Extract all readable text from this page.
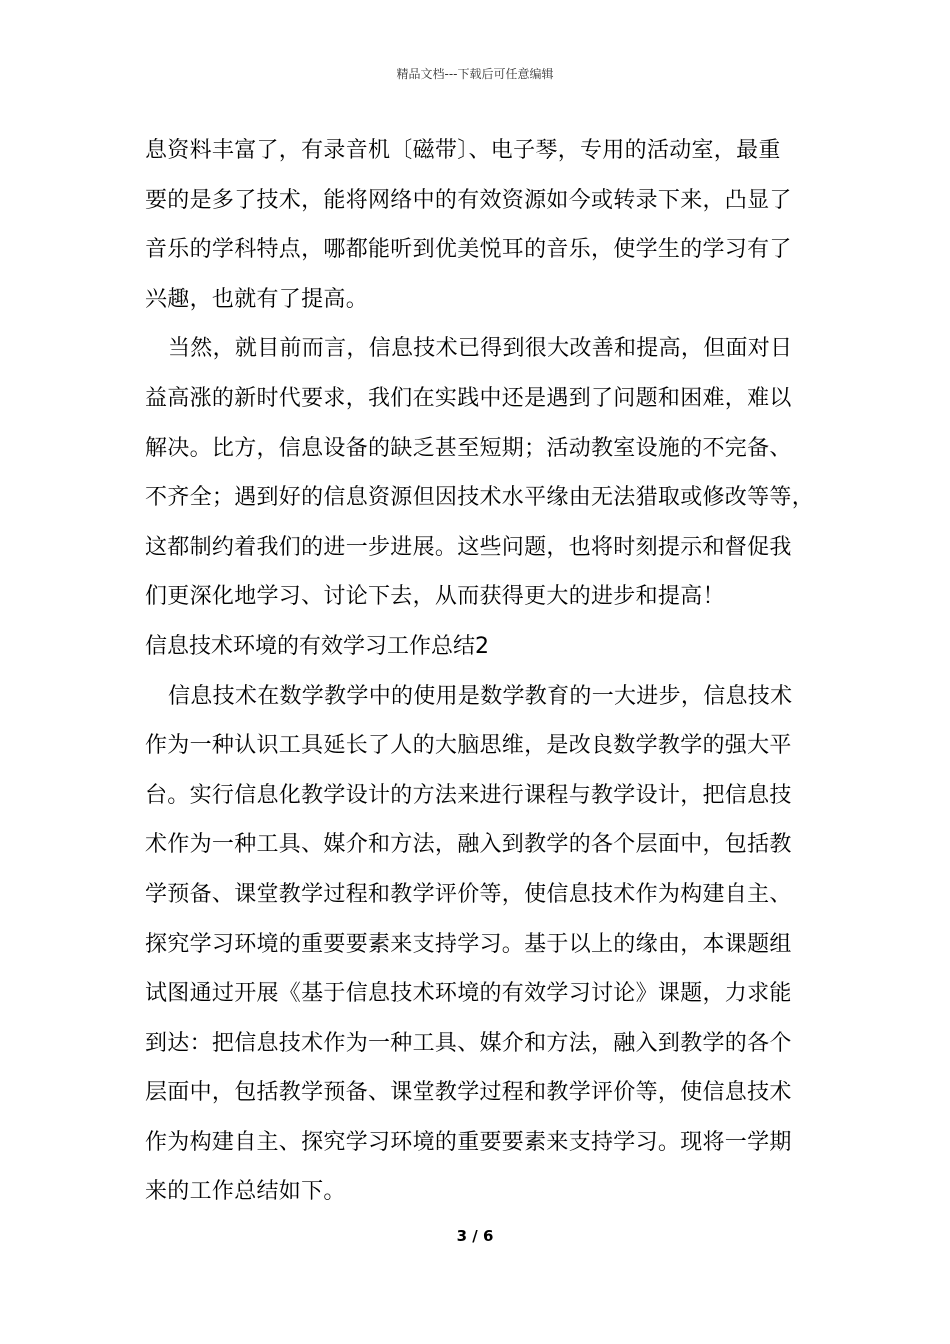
精品文档---下载后可任意编辑
息资料丰富了，有录音机〔磁带〕、电子琴，专用的活动室，最重
要的是多了技术，能将网络中的有效资源如今或转录下来，凸显了
音乐的学科特点，哪都能听到优美悦耳的音乐，使学生的学习有了
兴趣，也就有了提高。
当然，就目前而言，信息技术已得到很大改善和提高，但面对日
益高涨的新时代要求，我们在实践中还是遇到了问题和困难，难以
解决。比方，信息设备的缺乏甚至短期；活动教室设施的不完备、
不齐全；遇到好的信息资源但因技术水平缘由无法猎取或修改等等，
这都制约着我们的进一步进展。这些问题，也将时刻提示和督促我
们更深化地学习、讨论下去，从而获得更大的进步和提高！
信息技术环境的有效学习工作总结2
信息技术在数学教学中的使用是数学教育的一大进步，信息技术
作为一种认识工具延长了人的大脑思维，是改良数学教学的强大平
台。实行信息化教学设计的方法来进行课程与教学设计，把信息技
术作为一种工具、媒介和方法，融入到教学的各个层面中，包括教
学预备、课堂教学过程和教学评价等，使信息技术作为构建自主、
探究学习环境的重要要素来支持学习。基于以上的缘由，本课题组
试图通过开展《基于信息技术环境的有效学习讨论》课题，力求能
到达：把信息技术作为一种工具、媒介和方法，融入到教学的各个
层面中，包括教学预备、课堂教学过程和教学评价等，使信息技术
作为构建自主、探究学习环境的重要要素来支持学习。现将一学期
来的工作总结如下。
3 / 6
